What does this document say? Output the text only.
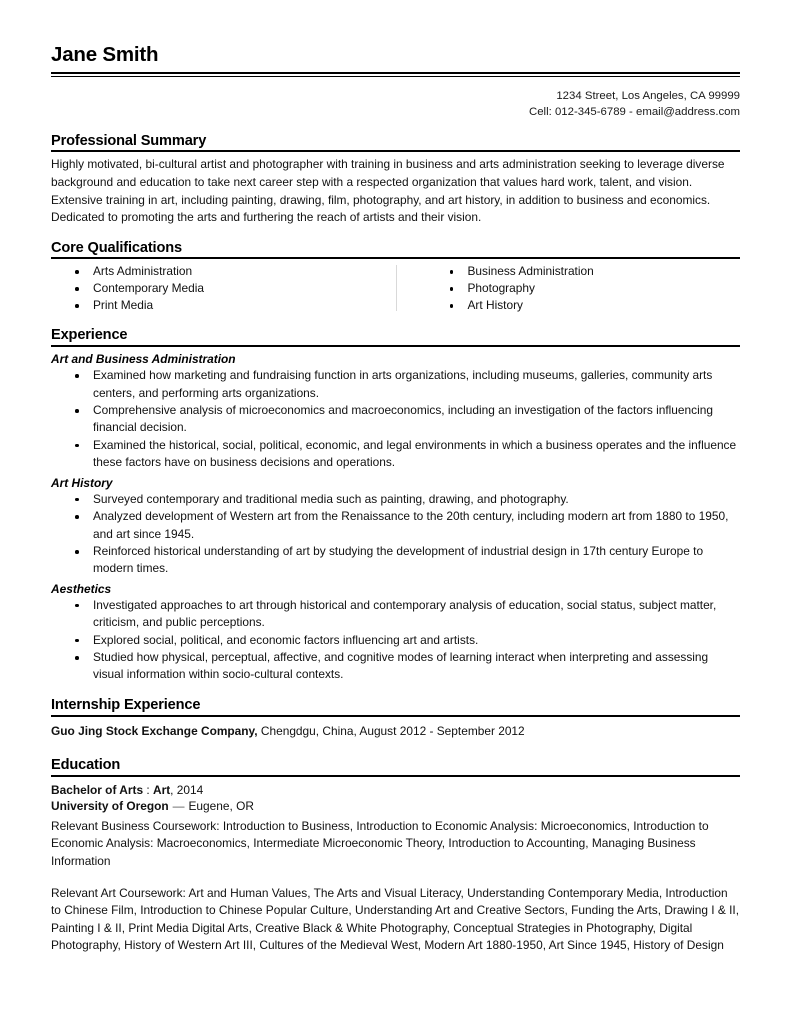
Jane Smith
1234 Street, Los Angeles, CA 99999
Cell: 012-345-6789 - email@address.com
Professional Summary

Highly motivated, bi-cultural artist and photographer with training in business and arts administration seeking to leverage diverse background and education to take next career step with a respected organization that values hard work, talent, and vision. Extensive training in art, including painting, drawing, film, photography, and art history, in addition to business and economics. Dedicated to promoting the arts and furthering the reach of artists and their vision.

Core Qualifications
Arts Administration
Contemporary Media
Print Media
Business Administration
Photography
Art History
Experience
Art and Business Administration
Examined how marketing and fundraising function in arts organizations, including museums, galleries, community arts centers, and performing arts organizations.
Comprehensive analysis of microeconomics and macroeconomics, including an investigation of the factors influencing financial decision.
Examined the historical, social, political, economic, and legal environments in which a business operates and the influence these factors have on business decisions and operations.
Art History
Surveyed contemporary and traditional media such as painting, drawing, and photography.
Analyzed development of Western art from the Renaissance to the 20th century, including modern art from 1880 to 1950, and art since 1945.
Reinforced historical understanding of art by studying the development of industrial design in 17th century Europe to modern times.
Aesthetics
Investigated approaches to art through historical and contemporary analysis of education, social status, subject matter, criticism, and public perceptions.
Explored social, political, and economic factors influencing art and artists.
Studied how physical, perceptual, affective, and cognitive modes of learning interact when interpreting and assessing visual information within socio-cultural contexts.
Internship Experience
Guo Jing Stock Exchange Company, Chengdgu, China, August 2012 - September 2012
Education
Bachelor of Arts : Art, 2014
University of Oregon — Eugene, OR

Relevant Business Coursework: Introduction to Business, Introduction to Economic Analysis: Microeconomics, Introduction to Economic Analysis: Macroeconomics, Intermediate Microeconomic Theory, Introduction to Accounting, Managing Business Information

Relevant Art Coursework: Art and Human Values, The Arts and Visual Literacy, Understanding Contemporary Media, Introduction to Chinese Film, Introduction to Chinese Popular Culture, Understanding Art and Creative Sectors, Funding the Arts, Drawing I & II, Painting I & II, Print Media Digital Arts, Creative Black & White Photography, Conceptual Strategies in Photography, Digital Photography, History of Western Art III, Cultures of the Medieval West, Modern Art 1880-1950, Art Since 1945, History of Design
